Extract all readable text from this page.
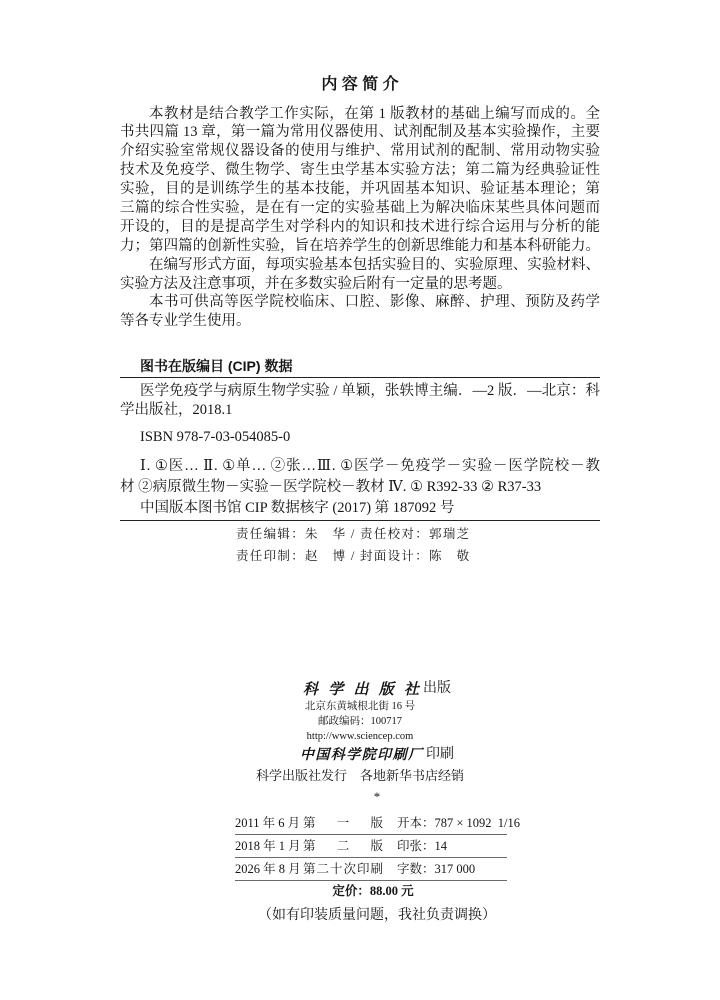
内 容 简 介
本教材是结合教学工作实际，在第 1 版教材的基础上编写而成的。全
书共四篇 13 章，第一篇为常用仪器使用、试剂配制及基本实验操作，主要
介绍实验室常规仪器设备的使用与维护、常用试剂的配制、常用动物实验
技术及免疫学、微生物学、寄生虫学基本实验方法；第二篇为经典验证性
实验，目的是训练学生的基本技能，并巩固基本知识、验证基本理论；第
三篇的综合性实验，是在有一定的实验基础上为解决临床某些具体问题而
开设的，目的是提高学生对学科内的知识和技术进行综合运用与分析的能
力；第四篇的创新性实验，旨在培养学生的创新思维能力和基本科研能力。
在编写形式方面，每项实验基本包括实验目的、实验原理、实验材料、
实验方法及注意事项，并在多数实验后附有一定量的思考题。
本书可供高等医学院校临床、口腔、影像、麻醉、护理、预防及药学
等各专业学生使用。
图书在版编目 (CIP) 数据
医学免疫学与病原生物学实验 / 单颖，张轶博主编．—2 版．—北京：科
学出版社，2018.1
ISBN 978-7-03-054085-0
Ⅰ. ①医… Ⅱ. ①单… ②张…Ⅲ. ①医学－免疫学－实验－医学院校－教
材 ②病原微生物－实验－医学院校－教材 Ⅳ. ① R392-33 ② R37-33
中国版本图书馆 CIP 数据核字 (2017) 第 187092 号
责任编辑：朱　华 / 责任校对：郭瑞芝
责任印制：赵　博 / 封面设计：陈　敬
科 学 出 版 社 出版
北京东黄城根北街 16 号
邮政编码：100717
http://www.sciencep.com
中国科学院印刷厂 印刷
科学出版社发行　各地新华书店经销
*
2011 年 6 月 第　一　版 开本：787 × 1092  1/16
2018 年 1 月 第　二　版 印张：14
2026 年 8 月 第二十次印刷 字数：317 000
定价：88.00 元
（如有印装质量问题，我社负责调换）
